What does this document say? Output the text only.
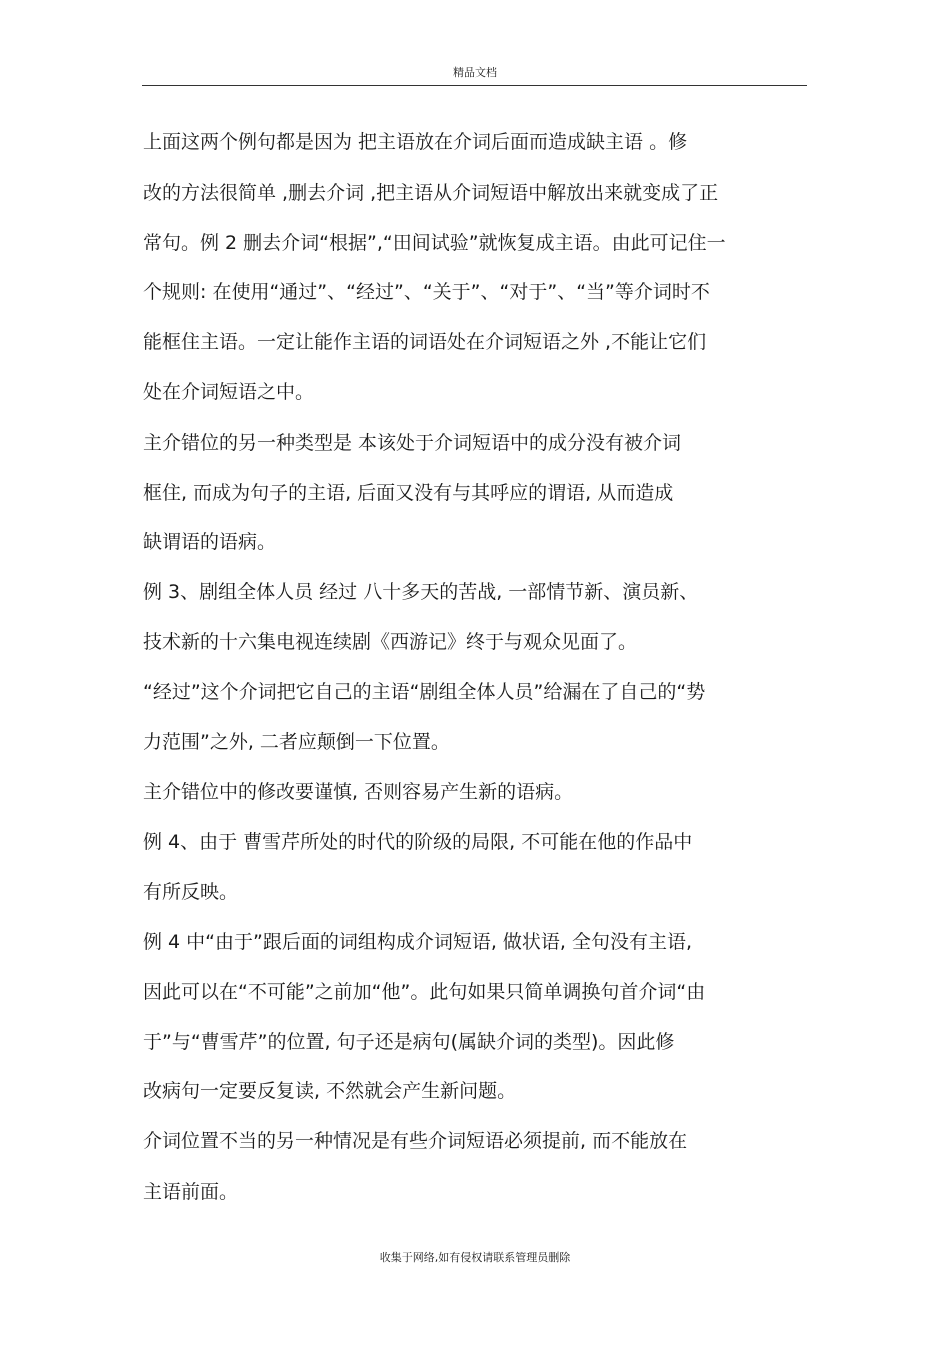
精品文档
上面这两个例句都是因为 把主语放在介词后面而造成缺主语 。修
改的方法很简单 ,删去介词 ,把主语从介词短语中解放出来就变成了正
常句。例 2 删去介词“根据”,“田间试验”就恢复成主语。由此可记住一
个规则: 在使用“通过”、“经过”、“关于”、“对于”、“当”等介词时不
能框住主语。一定让能作主语的词语处在介词短语之外 ,不能让它们
处在介词短语之中。
主介错位的另一种类型是 本该处于介词短语中的成分没有被介词
框住, 而成为句子的主语, 后面又没有与其呼应的谓语, 从而造成
缺谓语的语病。
例 3、剧组全体人员 经过 八十多天的苦战, 一部情节新、演员新、
技术新的十六集电视连续剧《西游记》终于与观众见面了。
“经过”这个介词把它自己的主语“剧组全体人员”给漏在了自己的“势
力范围”之外, 二者应颠倒一下位置。
主介错位中的修改要谨慎, 否则容易产生新的语病。
例 4、由于 曹雪芹所处的时代的阶级的局限, 不可能在他的作品中
有所反映。
例 4 中“由于”跟后面的词组构成介词短语, 做状语, 全句没有主语,
因此可以在“不可能”之前加“他”。此句如果只简单调换句首介词“由
于”与“曹雪芹”的位置, 句子还是病句(属缺介词的类型)。因此修
改病句一定要反复读, 不然就会产生新问题。
介词位置不当的另一种情况是有些介词短语必须提前, 而不能放在
主语前面。
收集于网络,如有侵权请联系管理员删除
